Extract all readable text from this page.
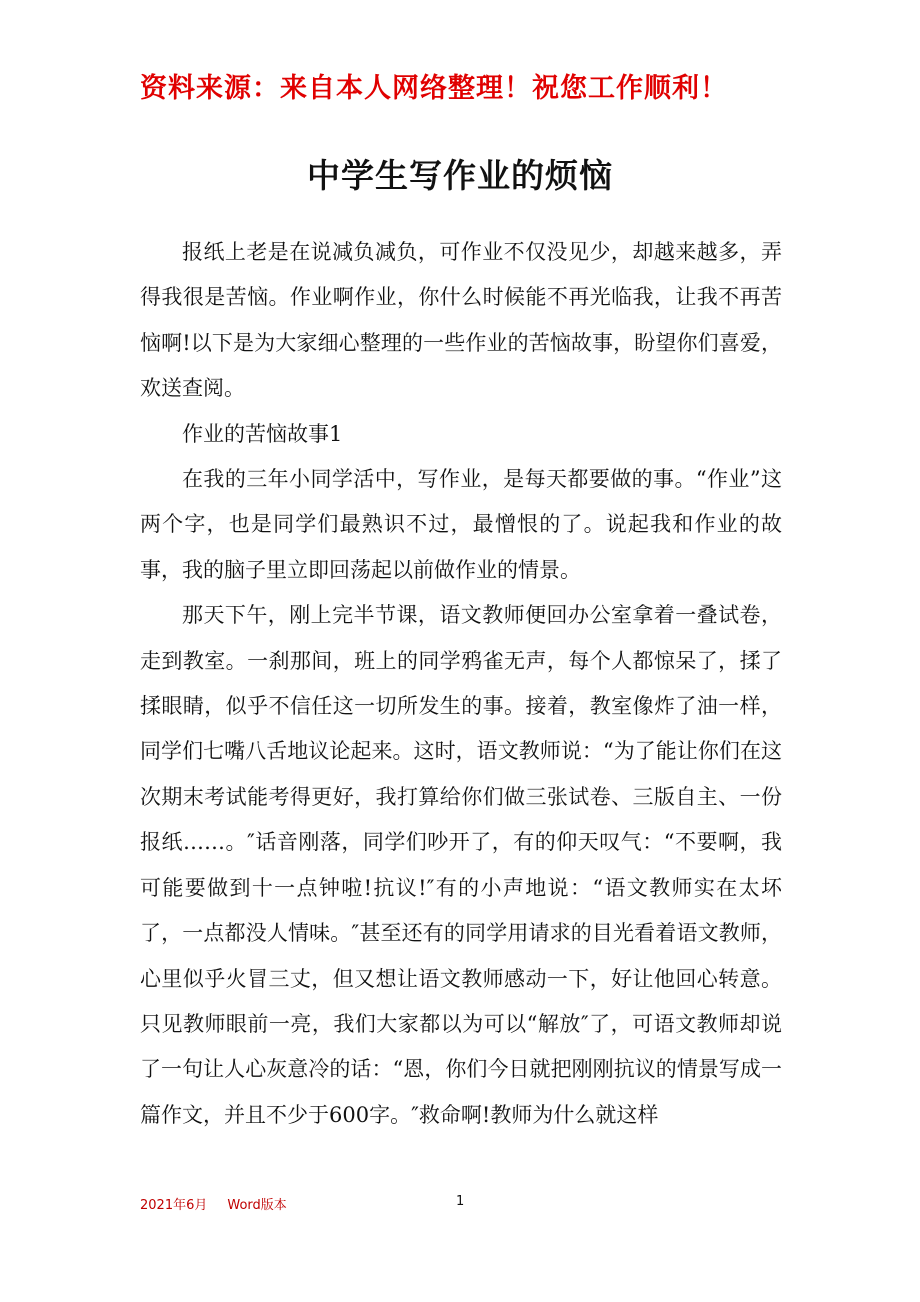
资料来源：来自本人网络整理！祝您工作顺利！
中学生写作业的烦恼

报纸上老是在说减负减负，可作业不仅没见少，却越来越多，弄得我很是苦恼。作业啊作业，你什么时候能不再光临我，让我不再苦恼啊!以下是为大家细心整理的一些作业的苦恼故事，盼望你们喜爱，欢送查阅。

作业的苦恼故事1

在我的三年小同学活中，写作业，是每天都要做的事。“作业”这两个字，也是同学们最熟识不过，最憎恨的了。说起我和作业的故事，我的脑子里立即回荡起以前做作业的情景。

那天下午，刚上完半节课，语文教师便回办公室拿着一叠试卷，走到教室。一刹那间，班上的同学鸦雀无声，每个人都惊呆了，揉了揉眼睛，似乎不信任这一切所发生的事。接着，教室像炸了油一样，同学们七嘴八舌地议论起来。这时，语文教师说：“为了能让你们在这次期末考试能考得更好，我打算给你们做三张试卷、三版自主、一份报纸……。″话音刚落，同学们吵开了，有的仰天叹气：“不要啊，我可能要做到十一点钟啦!抗议!″有的小声地说：“语文教师实在太坏了，一点都没人情味。″甚至还有的同学用请求的目光看着语文教师，心里似乎火冒三丈，但又想让语文教师感动一下，好让他回心转意。只见教师眼前一亮，我们大家都以为可以“解放″了，可语文教师却说了一句让人心灰意冷的话：“恩，你们今日就把刚刚抗议的情景写成一篇作文，并且不少于600字。″救命啊!教师为什么就这样

2021年6月 Word版本	1
